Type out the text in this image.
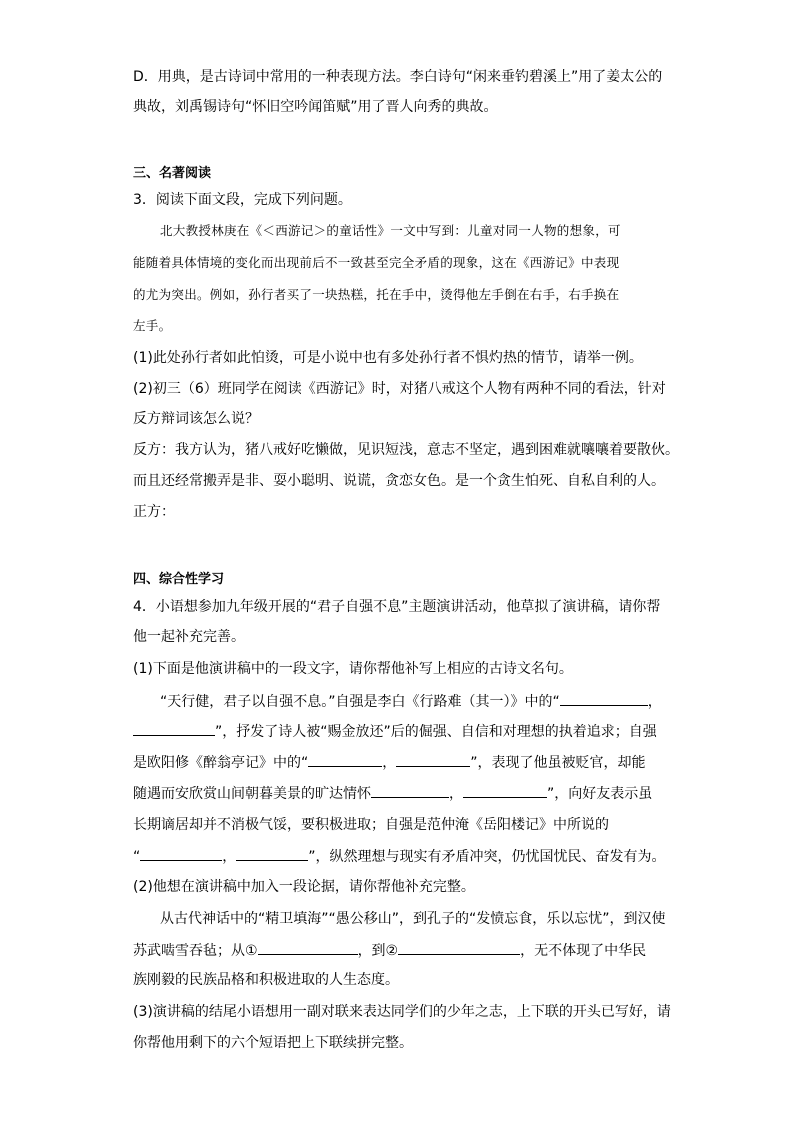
D．用典，是古诗词中常用的一种表现方法。李白诗句“闲来垂钓碧溪上”用了姜太公的
典故，刘禹锡诗句“怀旧空吟闻笛赋”用了晋人向秀的典故。
三、名著阅读
3．阅读下面文段，完成下列问题。
北大教授林庚在《＜西游记＞的童话性》一文中写到：儿童对同一人物的想象，可
能随着具体情境的变化而出现前后不一致甚至完全矛盾的现象，这在《西游记》中表现
的尤为突出。例如，孙行者买了一块热糕，托在手中，烫得他左手倒在右手，右手换在
左手。
(1)此处孙行者如此怕烫，可是小说中也有多处孙行者不惧灼热的情节，请举一例。
(2)初三（6）班同学在阅读《西游记》时，对猪八戒这个人物有两种不同的看法，针对
反方辩词该怎么说？
反方：我方认为，猪八戒好吃懒做，见识短浅，意志不坚定，遇到困难就嚷嚷着要散伙。
而且还经常搬弄是非、耍小聪明、说谎，贪恋女色。是一个贪生怕死、自私自利的人。
正方：
四、综合性学习
4．小语想参加九年级开展的“君子自强不息”主题演讲活动，他草拟了演讲稿，请你帮
他一起补充完善。
(1)下面是他演讲稿中的一段文字，请你帮他补写上相应的古诗文名句。
“天行健，君子以自强不息。”自强是李白《行路难（其一）》中的“	，
”，抒发了诗人被“赐金放还”后的倔强、自信和对理想的执着追求；自强
是欧阳修《醉翁亭记》中的“	，	”，表现了他虽被贬官，却能
随遇而安欣赏山间朝暮美景的旷达情怀	，	”，向好友表示虽
长期谪居却并不消极气馁，要积极进取；自强是范仲淹《岳阳楼记》中所说的
“	，	”，纵然理想与现实有矛盾冲突，仍忧国忧民、奋发有为。
(2)他想在演讲稿中加入一段论据，请你帮他补充完整。
从古代神话中的“精卫填海”“愚公移山”，到孔子的“发愤忘食，乐以忘忧”，到汉使
苏武啮雪吞毡；从①	，到②	，无不体现了中华民
族刚毅的民族品格和积极进取的人生态度。
(3)演讲稿的结尾小语想用一副对联来表达同学们的少年之志，上下联的开头已写好，请
你帮他用剩下的六个短语把上下联续拼完整。
